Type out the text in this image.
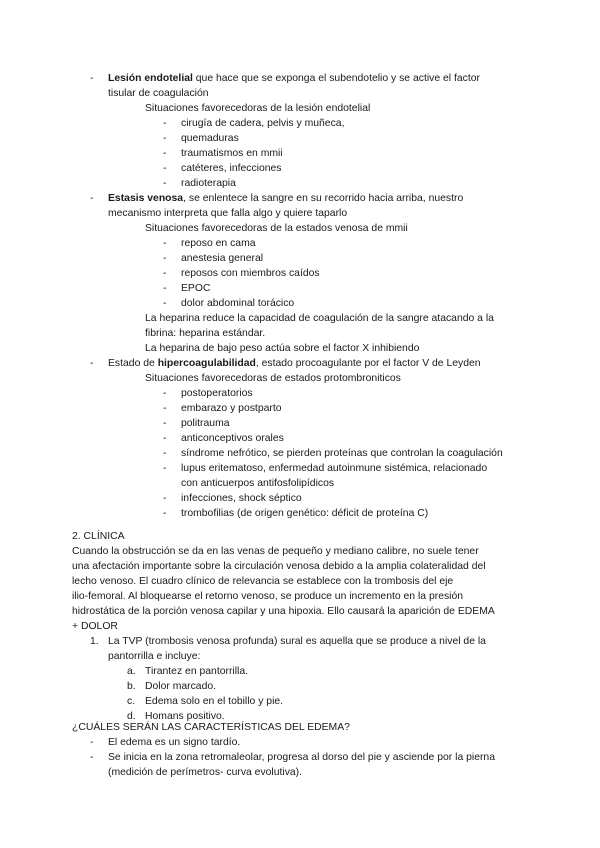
- Lesión endotelial que hace que se exponga el subendotelio y se active el factor
tisular de coagulación
Situaciones favorecedoras de la lesión endotelial
- cirugía de cadera, pelvis y muñeca,
- quemaduras
- traumatismos en mmii
- catéteres, infecciones
- radioterapia
- Estasis venosa, se enlentece la sangre en su recorrido hacia arriba, nuestro
mecanismo interpreta que falla algo y quiere taparlo
Situaciones favorecedoras de la estados venosa de mmii
- reposo en cama
- anestesia general
- reposos con miembros caídos
- EPOC
- dolor abdominal torácico
La heparina reduce la capacidad de coagulación de la sangre atacando a la
fibrina: heparina estándar.
La heparina de bajo peso actúa sobre el factor X inhibiendo
- Estado de hipercoagulabilidad, estado procoagulante por el factor V de Leyden
Situaciones favorecedoras de estados protombroniticos
- postoperatorios
- embarazo y postparto
- politrauma
- anticonceptivos orales
- síndrome nefrótico, se pierden proteínas que controlan la coagulación
- lupus eritematoso, enfermedad autoinmune sistémica, relacionado
con anticuerpos antifosfolipídicos
- infecciones, shock séptico
- trombofilias (de origen genético: déficit de proteína C)
2. CLÍNICA
Cuando la obstrucción se da en las venas de pequeño y mediano calibre, no suele tener
una afectación importante sobre la circulación venosa debido a la amplia colateralidad del
lecho venoso. El cuadro clínico de relevancia se establece con la trombosis del eje
ilio-femoral. Al bloquearse el retorno venoso, se produce un incremento en la presión
hidrostática de la porción venosa capilar y una hipoxia. Ello causará la aparición de EDEMA
+ DOLOR
1. La TVP (trombosis venosa profunda) sural es aquella que se produce a nivel de la
pantorrilla e incluye:
a. Tirantez en pantorrilla.
b. Dolor marcado.
c. Edema solo en el tobillo y pie.
d. Homans positivo.
¿CUÁLES SERÁN LAS CARACTERÍSTICAS DEL EDEMA?
- El edema es un signo tardío.
- Se inicia en la zona retromaleolar, progresa al dorso del pie y asciende por la pierna
(medición de perímetros- curva evolutiva).
